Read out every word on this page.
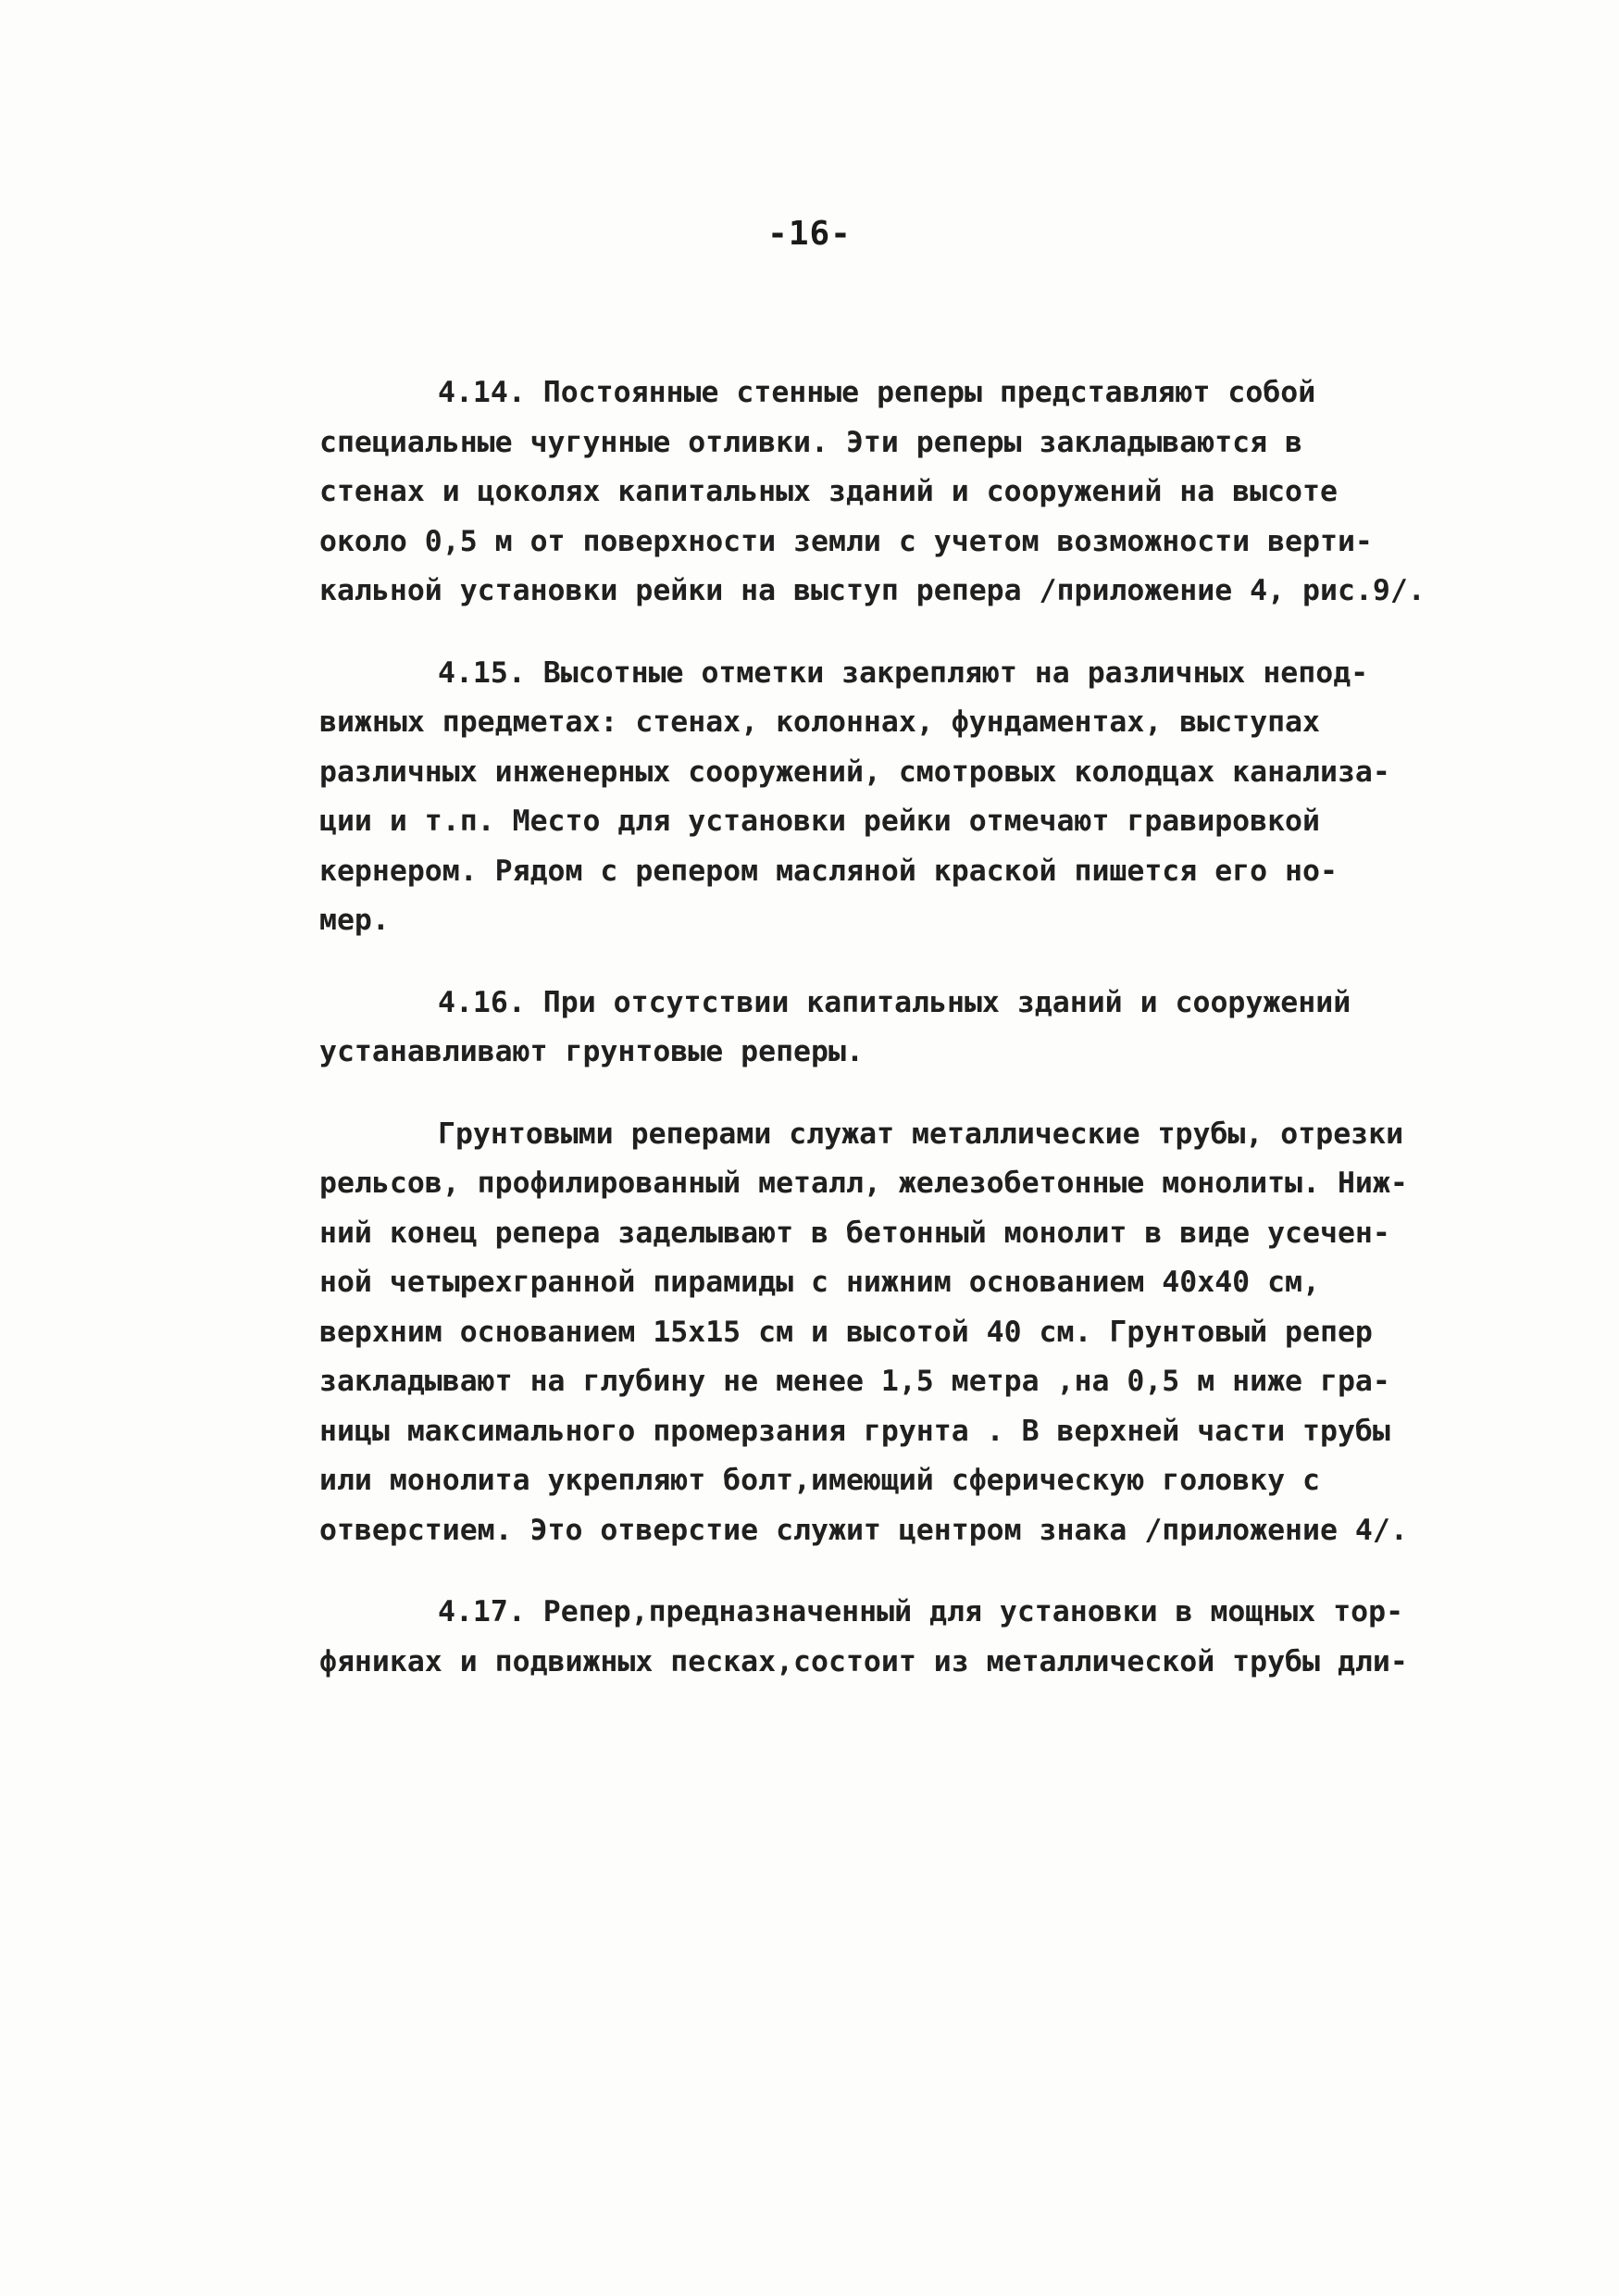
-16-
4.14. Постоянные стенные реперы представляют собой
специальные чугунные отливки. Эти реперы закладываются в
стенах и цоколях капитальных зданий и сооружений на высоте
около 0,5 м от поверхности земли с учетом возможности верти-
кальной установки рейки на выступ репера /приложение 4, рис.9/.
4.15. Высотные отметки закрепляют на различных непод-
вижных предметах: стенах, колоннах, фундаментах, выступах
различных инженерных сооружений, смотровых колодцах канализа-
ции и т.п. Место для установки рейки отмечают гравировкой
кернером. Рядом с репером масляной краской пишется его но-
мер.
4.16. При отсутствии капитальных зданий и сооружений
устанавливают грунтовые реперы.
Грунтовыми реперами служат металлические трубы, отрезки
рельсов, профилированный металл, железобетонные монолиты. Ниж-
ний конец репера заделывают в бетонный монолит в виде усечен-
ной четырехгранной пирамиды с нижним основанием 40х40 см,
верхним основанием 15х15 см и высотой 40 см. Грунтовый репер
закладывают на глубину не менее 1,5 метра ,на 0,5 м ниже гра-
ницы максимального промерзания грунта . В верхней части трубы
или монолита укрепляют болт,имеющий сферическую головку с
отверстием. Это отверстие служит центром знака /приложение 4/.
4.17. Репер,предназначенный для установки в мощных тор-
фяниках и подвижных песках,состоит из металлической трубы дли-
